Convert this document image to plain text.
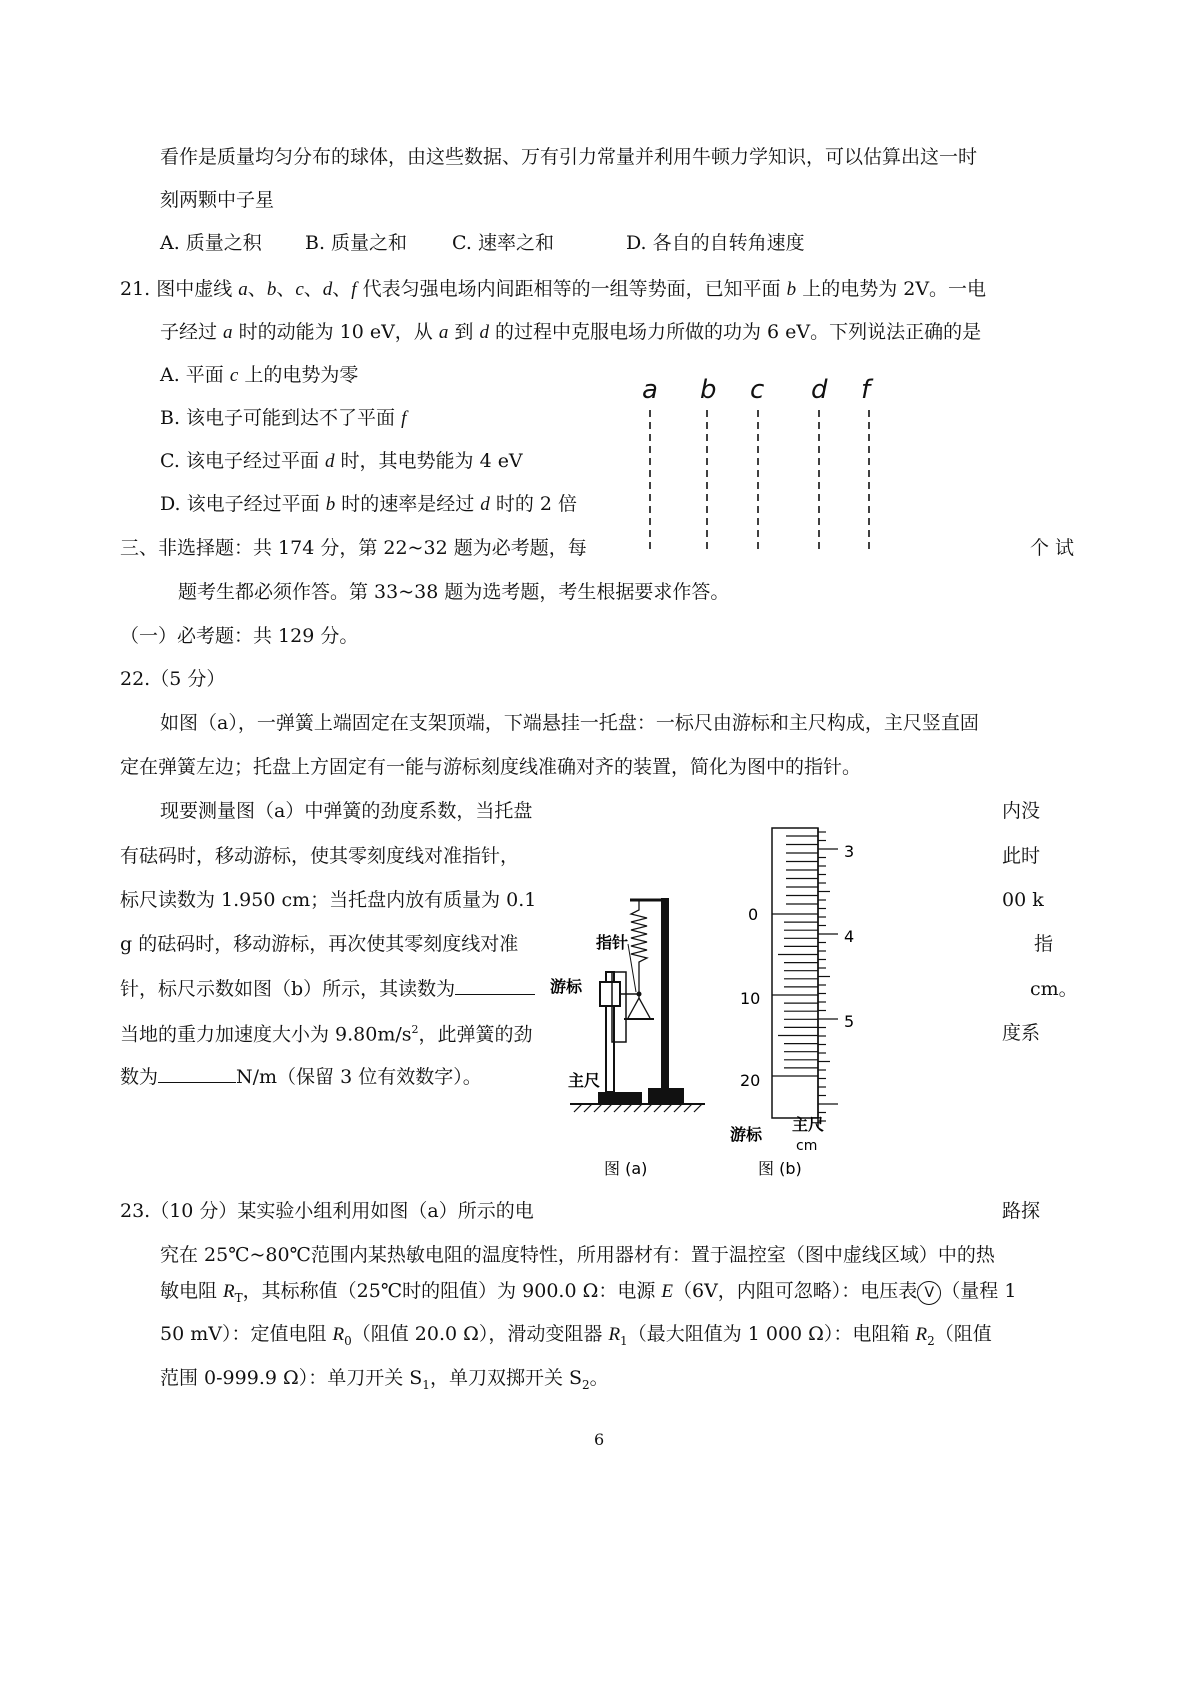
看作是质量均匀分布的球体，由这些数据、万有引力常量并利用牛顿力学知识，可以估算出这一时
刻两颗中子星
A. 质量之积 B. 质量之和 C. 速率之和	D. 各自的自转角速度
21. 图中虚线 a、b、c、d、f 代表匀强电场内间距相等的一组等势面，已知平面 b 上的电势为 2V。一电
子经过 a 时的动能为 10 eV，从 a 到 d 的过程中克服电场力所做的功为 6 eV。下列说法正确的是
A. 平面 c 上的电势为零
B. 该电子可能到达不了平面 f
C. 该电子经过平面 d 时，其电势能为 4 eV
D. 该电子经过平面 b 时的速率是经过 d 时的 2 倍
a b c d f
三、非选择题：共 174 分，第 22~32 题为必考题，每	个 试
题考生都必须作答。第 33~38 题为选考题，考生根据要求作答。
（一）必考题：共 129 分。
22.（5 分）
如图（a），一弹簧上端固定在支架顶端，下端悬挂一托盘：一标尺由游标和主尺构成，主尺竖直固
定在弹簧左边；托盘上方固定有一能与游标刻度线准确对齐的装置，简化为图中的指针。
现要测量图（a）中弹簧的劲度系数，当托盘	内没
有砝码时，移动游标，使其零刻度线对准指针，	此时
标尺读数为 1.950 cm；当托盘内放有质量为 0.1	00 k
g 的砝码时，移动游标，再次使其零刻度线对准	指
针，标尺示数如图（b）所示，其读数为	cm。
当地的重力加速度大小为 $9.80m/s^2$，此弹簧的劲	度系
数为	N/m（保留 3 位有效数字）。
指针
游标
主尺
图 (a)
3
4
5
0
10
20
游标
主尺
cm
图 (b)
23.（10 分）某实验小组利用如图（a）所示的电	路探
究在 25℃~80℃范围内某热敏电阻的温度特性，所用器材有：置于温控室（图中虚线区域）中的热
敏电阻 $R_T$，其标称值（25℃时的阻值）为 900.0 Ω：电源 E（6V，内阻可忽略）：电压表 V （量程 1
50 mV）：定值电阻 $R_0$（阻值 20.0 Ω），滑动变阻器 $R_1$（最大阻值为 1 000 Ω）：电阻箱 $R_2$（阻值
范围 0-999.9 Ω）：单刀开关 $S_1$，单刀双掷开关 $S_2$。
6
